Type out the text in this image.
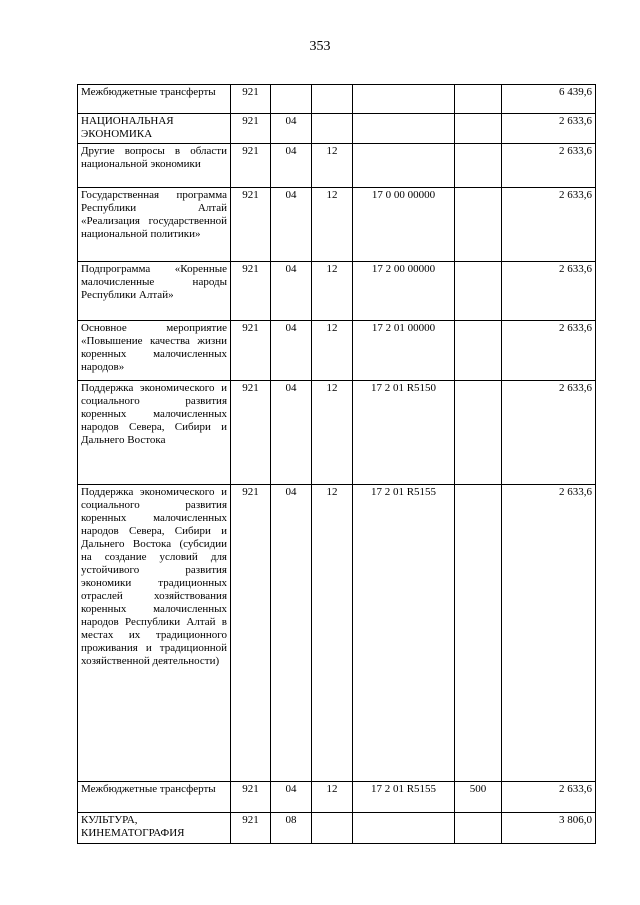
353
Межбюджетные трансферты	921					6 439,6
НАЦИОНАЛЬНАЯ ЭКОНОМИКА	921	04				2 633,6
Другие вопросы в области национальной экономики	921	04	12			2 633,6
Государственная программа Республики Алтай «Реализация государственной национальной политики»	921	04	12	17 0 00 00000		2 633,6
Подпрограмма «Коренные малочисленные народы Республики Алтай»	921	04	12	17 2 00 00000		2 633,6
Основное мероприятие «Повышение качества жизни коренных малочисленных народов»	921	04	12	17 2 01 00000		2 633,6
Поддержка экономического и социального развития коренных малочисленных народов Севера, Сибири и Дальнего Востока	921	04	12	17 2 01 R5150		2 633,6
Поддержка экономического и социального развития коренных малочисленных народов Севера, Сибири и Дальнего Востока (субсидии на создание условий для устойчивого развития экономики традиционных отраслей хозяйствования коренных малочисленных народов Республики Алтай в местах их традиционного проживания и традиционной хозяйственной деятельности)	921	04	12	17 2 01 R5155		2 633,6
Межбюджетные трансферты	921	04	12	17 2 01 R5155	500	2 633,6
КУЛЬТУРА, КИНЕМАТОГРАФИЯ	921	08				3 806,0
